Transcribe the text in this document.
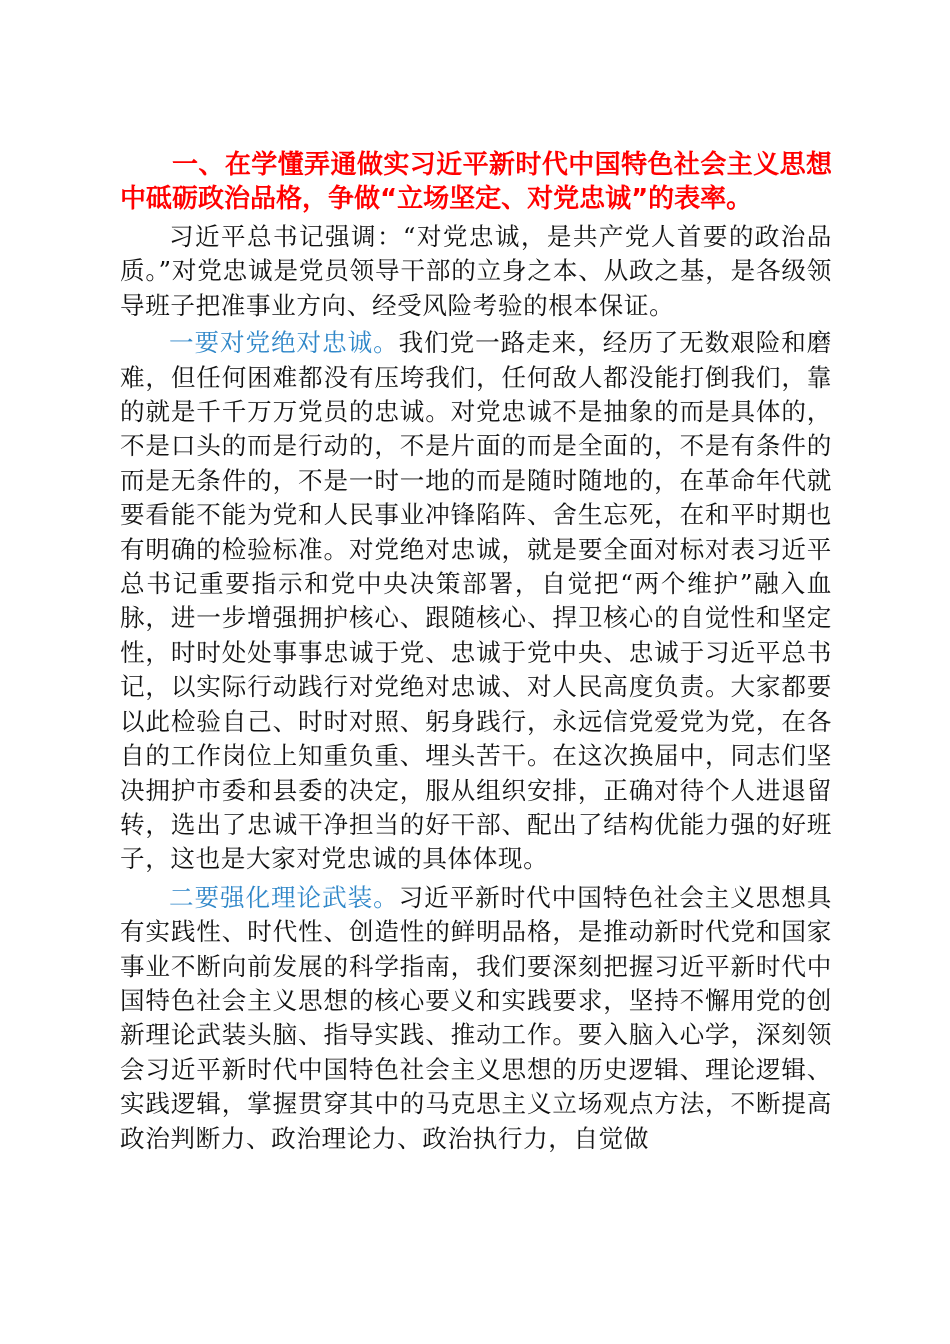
一、在学懂弄通做实习近平新时代中国特色社会主义思想中砥砺政治品格，争做“立场坚定、对党忠诚”的表率。

习近平总书记强调：“对党忠诚，是共产党人首要的政治品质。”对党忠诚是党员领导干部的立身之本、从政之基，是各级领导班子把准事业方向、经受风险考验的根本保证。

一要对党绝对忠诚。我们党一路走来，经历了无数艰险和磨难，但任何困难都没有压垮我们，任何敌人都没能打倒我们，靠的就是千千万万党员的忠诚。对党忠诚不是抽象的而是具体的，不是口头的而是行动的，不是片面的而是全面的，不是有条件的而是无条件的，不是一时一地的而是随时随地的，在革命年代就要看能不能为党和人民事业冲锋陷阵、舍生忘死，在和平时期也有明确的检验标准。对党绝对忠诚，就是要全面对标对表习近平总书记重要指示和党中央决策部署，自觉把“两个维护”融入血脉，进一步增强拥护核心、跟随核心、捍卫核心的自觉性和坚定性，时时处处事事忠诚于党、忠诚于党中央、忠诚于习近平总书记，以实际行动践行对党绝对忠诚、对人民高度负责。大家都要以此检验自己、时时对照、躬身践行，永远信党爱党为党，在各自的工作岗位上知重负重、埋头苦干。在这次换届中，同志们坚决拥护市委和县委的决定，服从组织安排，正确对待个人进退留转，选出了忠诚干净担当的好干部、配出了结构优能力强的好班子，这也是大家对党忠诚的具体体现。

二要强化理论武装。习近平新时代中国特色社会主义思想具有实践性、时代性、创造性的鲜明品格，是推动新时代党和国家事业不断向前发展的科学指南，我们要深刻把握习近平新时代中国特色社会主义思想的核心要义和实践要求，坚持不懈用党的创新理论武装头脑、指导实践、推动工作。要入脑入心学，深刻领会习近平新时代中国特色社会主义思想的历史逻辑、理论逻辑、实践逻辑，掌握贯穿其中的马克思主义立场观点方法，不断提高政治判断力、政治理论力、政治执行力，自觉做
